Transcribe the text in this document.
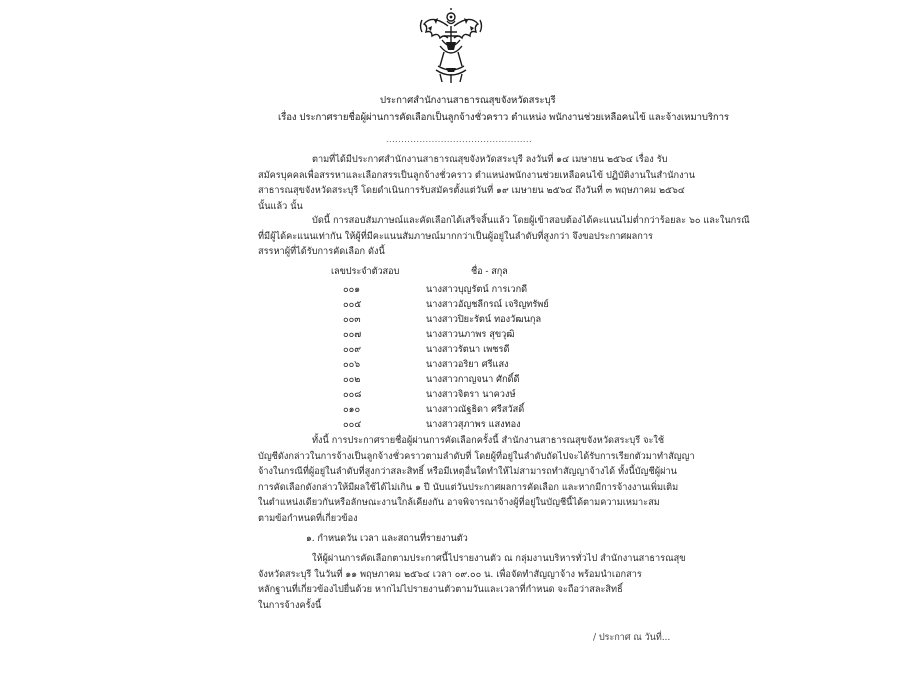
ประกาศสำนักงานสาธารณสุขจังหวัดสระบุรี
เรื่อง ประกาศรายชื่อผู้ผ่านการคัดเลือกเป็นลูกจ้างชั่วคราว ตำแหน่ง พนักงานช่วยเหลือคนไข้ และจ้างเหมาบริการ
................................................
ตามที่ได้มีประกาศสำนักงานสาธารณสุขจังหวัดสระบุรี ลงวันที่ ๑๔ เมษายน ๒๕๖๔ เรื่อง รับ
สมัครบุคคลเพื่อสรรหาและเลือกสรรเป็นลูกจ้างชั่วคราว ตำแหน่งพนักงานช่วยเหลือคนไข้ ปฏิบัติงานในสำนักงาน
สาธารณสุขจังหวัดสระบุรี โดยดำเนินการรับสมัครตั้งแต่วันที่ ๑๙ เมษายน ๒๕๖๔ ถึงวันที่ ๓ พฤษภาคม ๒๕๖๔
นั้นแล้ว นั้น
บัดนี้ การสอบสัมภาษณ์และคัดเลือกได้เสร็จสิ้นแล้ว โดยผู้เข้าสอบต้องได้คะแนนไม่ต่ำกว่าร้อยละ ๖๐ และในกรณี
ที่มีผู้ได้คะแนนเท่ากัน ให้ผู้ที่มีคะแนนสัมภาษณ์มากกว่าเป็นผู้อยู่ในลำดับที่สูงกว่า จึงขอประกาศผลการ
สรรหาผู้ที่ได้รับการคัดเลือก ดังนี้
เลขประจำตัวสอบ	ชื่อ - สกุล
๐๐๑	นางสาวบุญรัตน์ การเวกดี
๐๐๕	นางสาวอัญชลีกรณ์ เจริญทรัพย์
๐๐๓	นางสาวปิยะรัตน์ ทองวัฒนกุล
๐๐๗	นางสาวนภาพร สุขวุฒิ
๐๐๙	นางสาวรัตนา เพชรดี
๐๐๖	นางสาวอริยา ศรีแสง
๐๐๒	นางสาวกาญจนา ศักดิ์ดี
๐๐๘	นางสาวจิตรา นาควงษ์
๐๑๐	นางสาวณัฐธิดา ศรีสวัสดิ์
๐๐๔	นางสาวสุภาพร แสงทอง
ทั้งนี้ การประกาศรายชื่อผู้ผ่านการคัดเลือกครั้งนี้ สำนักงานสาธารณสุขจังหวัดสระบุรี จะใช้
บัญชีดังกล่าวในการจ้างเป็นลูกจ้างชั่วคราวตามลำดับที่ โดยผู้ที่อยู่ในลำดับถัดไปจะได้รับการเรียกตัวมาทำสัญญา
จ้างในกรณีที่ผู้อยู่ในลำดับที่สูงกว่าสละสิทธิ์ หรือมีเหตุอื่นใดทำให้ไม่สามารถทำสัญญาจ้างได้ ทั้งนี้บัญชีผู้ผ่าน
การคัดเลือกดังกล่าวให้มีผลใช้ได้ไม่เกิน ๑ ปี นับแต่วันประกาศผลการคัดเลือก และหากมีการจ้างงานเพิ่มเติม
ในตำแหน่งเดียวกันหรือลักษณะงานใกล้เคียงกัน อาจพิจารณาจ้างผู้ที่อยู่ในบัญชีนี้ได้ตามความเหมาะสม
ตามข้อกำหนดที่เกี่ยวข้อง
๑. กำหนดวัน เวลา และสถานที่รายงานตัว
ให้ผู้ผ่านการคัดเลือกตามประกาศนี้ไปรายงานตัว ณ กลุ่มงานบริหารทั่วไป สำนักงานสาธารณสุข
จังหวัดสระบุรี ในวันที่ ๑๑ พฤษภาคม ๒๕๖๔ เวลา ๐๙.๐๐ น. เพื่อจัดทำสัญญาจ้าง พร้อมนำเอกสาร
หลักฐานที่เกี่ยวข้องไปยื่นด้วย หากไม่ไปรายงานตัวตามวันและเวลาที่กำหนด จะถือว่าสละสิทธิ์
ในการจ้างครั้งนี้
/ ประกาศ ณ วันที่...
